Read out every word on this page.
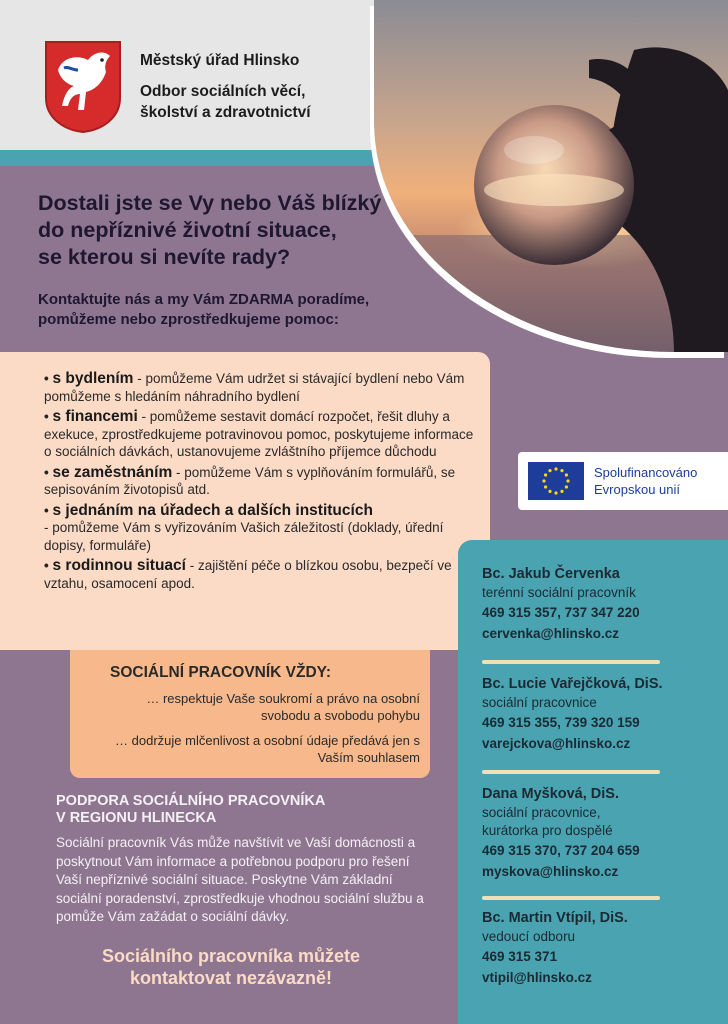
Městský úřad Hlinsko
Odbor sociálních věcí,
školství a zdravotnictví
Dostali jste se Vy nebo Váš blízký
do nepříznivé životní situace,
se kterou si nevíte rady?
Kontaktujte nás a my Vám ZDARMA poradíme,
pomůžeme nebo zprostředkujeme pomoc:
• s bydlením - pomůžeme Vám udržet si stávající bydlení nebo Vám pomůžeme s hledáním náhradního bydlení
• s financemi - pomůžeme sestavit domácí rozpočet, řešit dluhy a exekuce, zprostředkujeme potravinovou pomoc, poskytujeme informace o sociálních dávkách, ustanovujeme zvláštního příjemce důchodu
• se zaměstnáním - pomůžeme Vám s vyplňováním formulářů, se sepisováním životopisů atd.
• s jednáním na úřadech a dalších institucích
- pomůžeme Vám s vyřizováním Vašich záležitostí (doklady, úřední dopisy, formuláře)
• s rodinnou situací - zajištění péče o blízkou osobu, bezpečí ve vztahu, osamocení apod.
SOCIÁLNÍ PRACOVNÍK VŽDY:
… respektuje Vaše soukromí a právo na osobní svobodu a svobodu pohybu
… dodržuje mlčenlivost a osobní údaje předává jen s Vaším souhlasem
PODPORA SOCIÁLNÍHO PRACOVNÍKA
V REGIONU HLINECKA
Sociální pracovník Vás může navštívit ve Vaší domácnosti a poskytnout Vám informace a potřebnou podporu pro řešení Vaší nepříznivé sociální situace. Poskytne Vám základní sociální poradenství, zprostředkuje vhodnou sociální službu a pomůže Vám zažádat o sociální dávky.
Sociálního pracovníka můžete
kontaktovat nezávazně!
Spolufinancováno
Evropskou unií
Bc. Jakub Červenka
terénní sociální pracovník
469 315 357, 737 347 220
cervenka@hlinsko.cz
Bc. Lucie Vařejčková, DiS.
sociální pracovnice
469 315 355, 739 320 159
varejckova@hlinsko.cz
Dana Myšková, DiS.
sociální pracovnice,
kurátorka pro dospělé
469 315 370, 737 204 659
myskova@hlinsko.cz
Bc. Martin Vtípil, DiS.
vedoucí odboru
469 315 371
vtipil@hlinsko.cz
